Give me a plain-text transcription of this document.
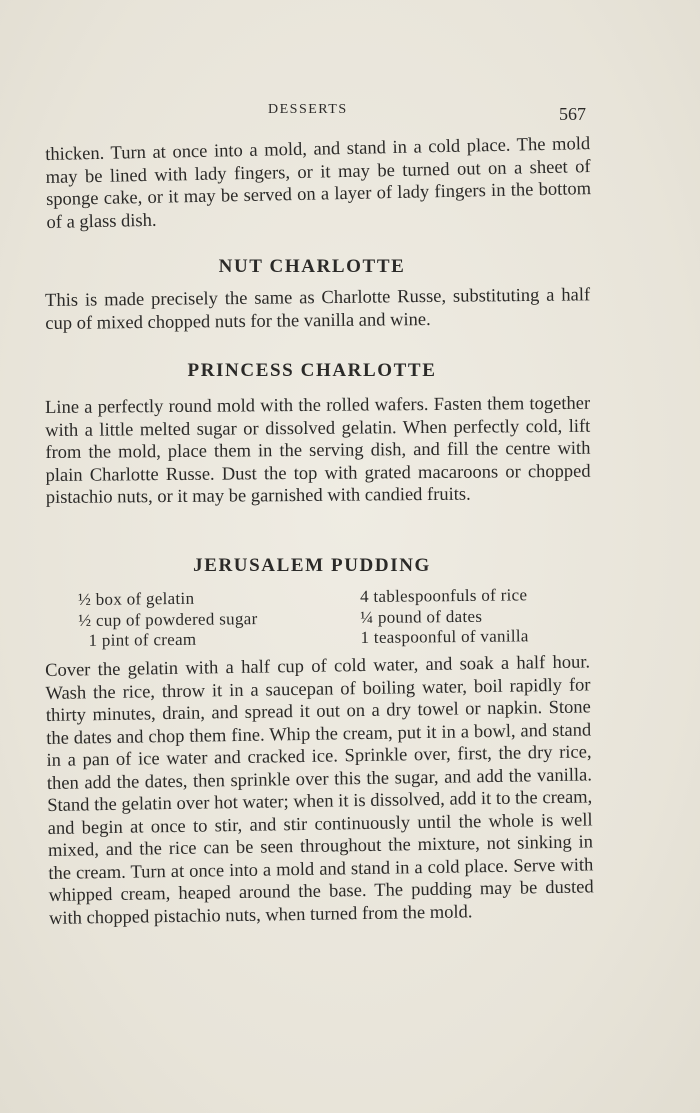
DESSERTS	567

thicken. Turn at once into a mold, and stand in a cold place. The mold may be lined with lady fingers, or it may be turned out on a sheet of sponge cake, or it may be served on a layer of lady fingers in the bottom of a glass dish.

NUT CHARLOTTE

This is made precisely the same as Charlotte Russe, substituting a half cup of mixed chopped nuts for the vanilla and wine.

PRINCESS CHARLOTTE

Line a perfectly round mold with the rolled wafers. Fasten them together with a little melted sugar or dissolved gelatin. When perfectly cold, lift from the mold, place them in the serving dish, and fill the centre with plain Charlotte Russe. Dust the top with grated macaroons or chopped pistachio nuts, or it may be garnished with candied fruits.

JERUSALEM PUDDING
½ box of gelatin
½ cup of powdered sugar
1 pint of cream
4 tablespoonfuls of rice
¼ pound of dates
1 teaspoonful of vanilla

Cover the gelatin with a half cup of cold water, and soak a half hour. Wash the rice, throw it in a saucepan of boiling water, boil rapidly for thirty minutes, drain, and spread it out on a dry towel or napkin. Stone the dates and chop them fine. Whip the cream, put it in a bowl, and stand in a pan of ice water and cracked ice. Sprinkle over, first, the dry rice, then add the dates, then sprinkle over this the sugar, and add the vanilla. Stand the gelatin over hot water; when it is dissolved, add it to the cream, and begin at once to stir, and stir continuously until the whole is well mixed, and the rice can be seen throughout the mixture, not sinking in the cream. Turn at once into a mold and stand in a cold place. Serve with whipped cream, heaped around the base. The pudding may be dusted with chopped pistachio nuts, when turned from the mold.
